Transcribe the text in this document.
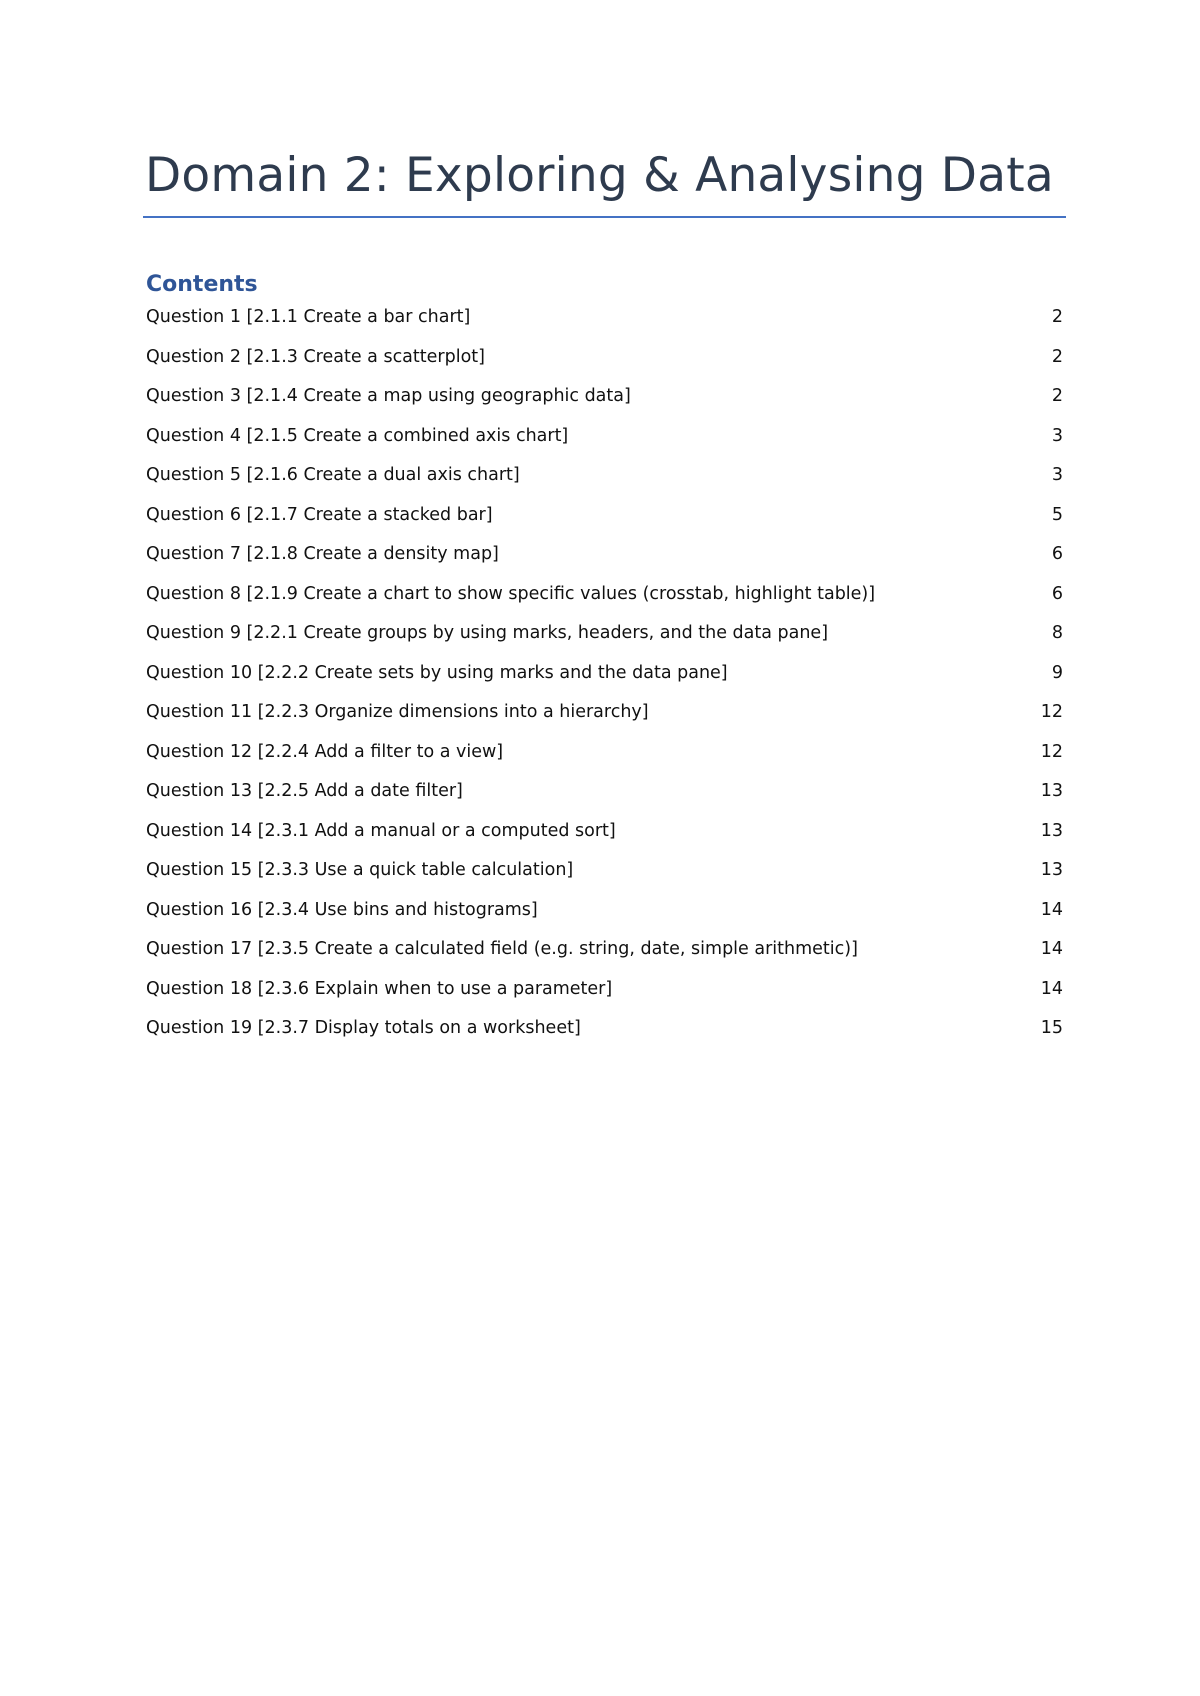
Domain 2: Exploring & Analysing Data
Contents
Question 1 [2.1.1 Create a bar chart]	2
Question 2 [2.1.3 Create a scatterplot]	2
Question 3 [2.1.4 Create a map using geographic data]	2
Question 4 [2.1.5 Create a combined axis chart]	3
Question 5 [2.1.6 Create a dual axis chart]	3
Question 6 [2.1.7 Create a stacked bar]	5
Question 7 [2.1.8 Create a density map]	6
Question 8 [2.1.9 Create a chart to show specific values (crosstab, highlight table)]	6
Question 9 [2.2.1 Create groups by using marks, headers, and the data pane]	8
Question 10 [2.2.2 Create sets by using marks and the data pane]	9
Question 11 [2.2.3 Organize dimensions into a hierarchy]	12
Question 12 [2.2.4 Add a filter to a view]	12
Question 13 [2.2.5 Add a date filter]	13
Question 14 [2.3.1 Add a manual or a computed sort]	13
Question 15 [2.3.3 Use a quick table calculation]	13
Question 16 [2.3.4 Use bins and histograms]	14
Question 17 [2.3.5 Create a calculated field (e.g. string, date, simple arithmetic)]	14
Question 18 [2.3.6 Explain when to use a parameter]	14
Question 19 [2.3.7 Display totals on a worksheet]	15
